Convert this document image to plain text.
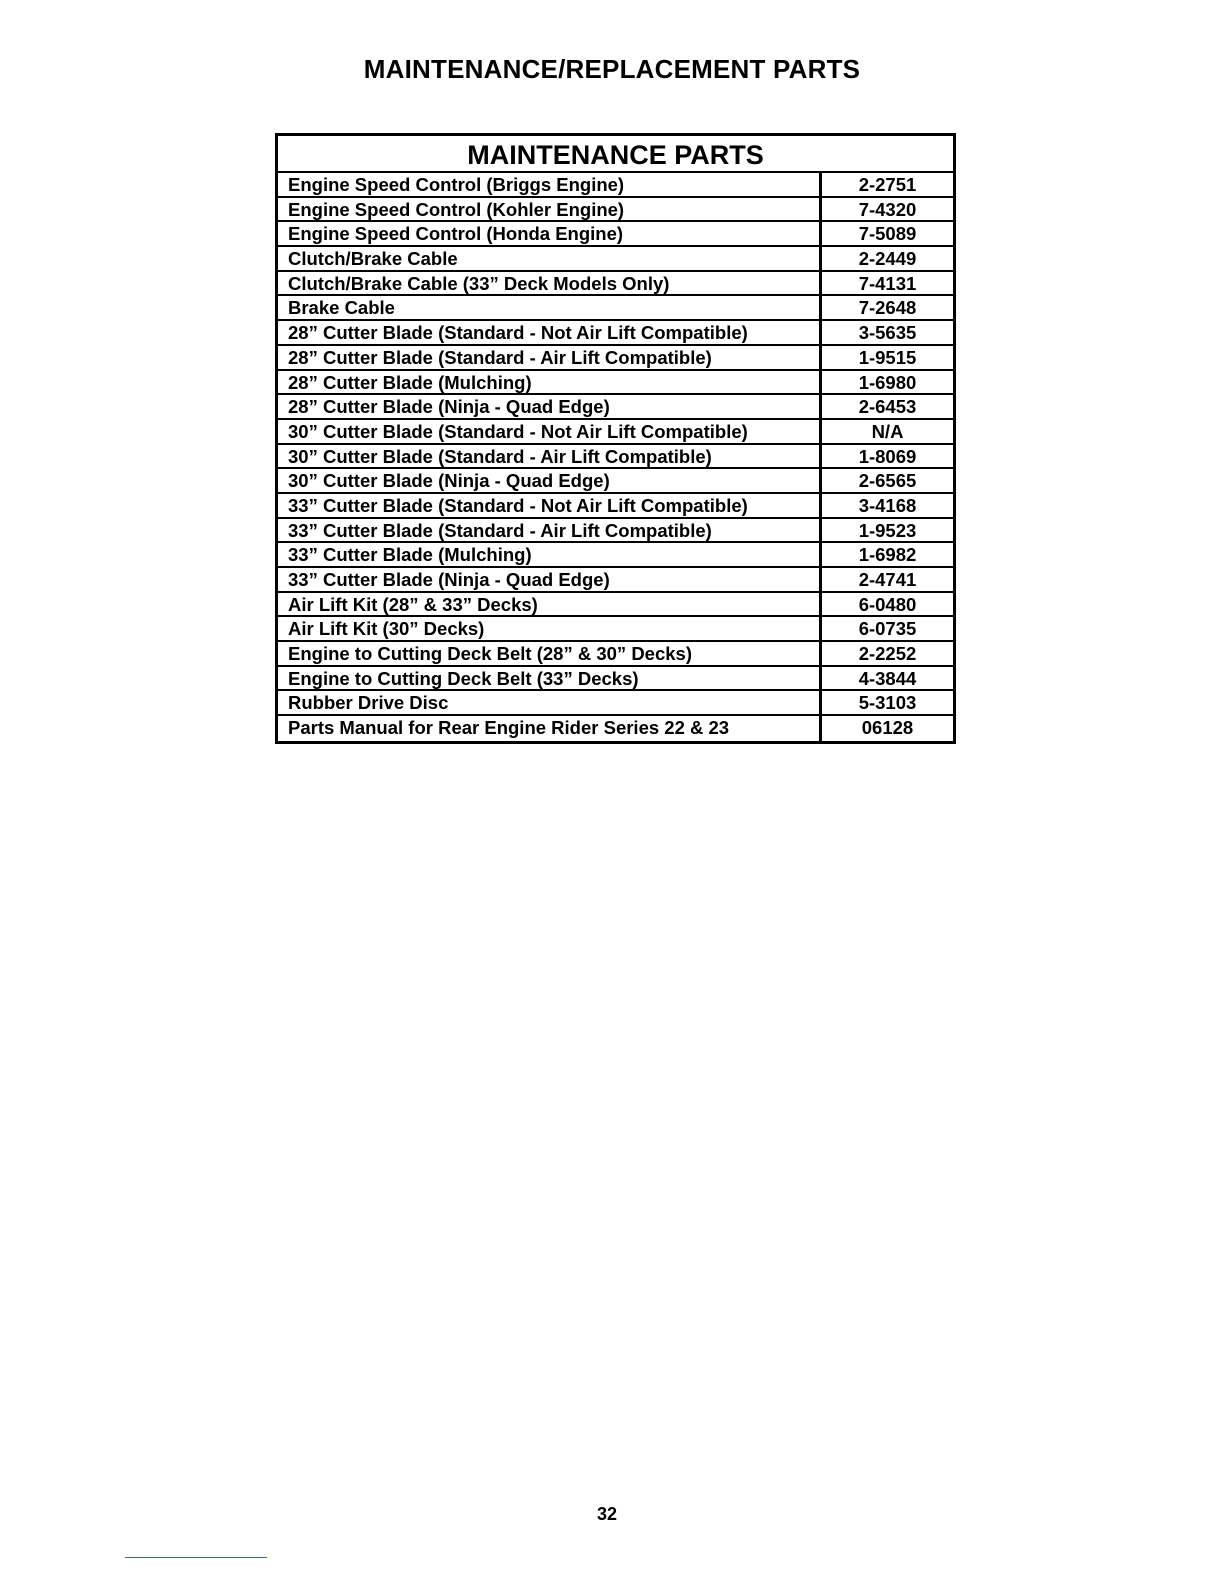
MAINTENANCE/REPLACEMENT PARTS
MAINTENANCE PARTS
Engine Speed Control (Briggs Engine)	2-2751
Engine Speed Control (Kohler Engine)	7-4320
Engine Speed Control (Honda Engine)	7-5089
Clutch/Brake Cable	2-2449
Clutch/Brake Cable (33” Deck Models Only)	7-4131
Brake Cable	7-2648
28” Cutter Blade (Standard - Not Air Lift Compatible)	3-5635
28” Cutter Blade (Standard - Air Lift Compatible)	1-9515
28” Cutter Blade (Mulching)	1-6980
28” Cutter Blade (Ninja - Quad Edge)	2-6453
30” Cutter Blade (Standard - Not Air Lift Compatible)	N/A
30” Cutter Blade (Standard - Air Lift Compatible)	1-8069
30” Cutter Blade (Ninja - Quad Edge)	2-6565
33” Cutter Blade (Standard - Not Air Lift Compatible)	3-4168
33” Cutter Blade (Standard - Air Lift Compatible)	1-9523
33” Cutter Blade (Mulching)	1-6982
33” Cutter Blade (Ninja - Quad Edge)	2-4741
Air Lift Kit (28” & 33” Decks)	6-0480
Air Lift Kit (30” Decks)	6-0735
Engine to Cutting Deck Belt (28” & 30” Decks)	2-2252
Engine to Cutting Deck Belt (33” Decks)	4-3844
Rubber Drive Disc	5-3103
Parts Manual for Rear Engine Rider Series 22 & 23	06128
32
